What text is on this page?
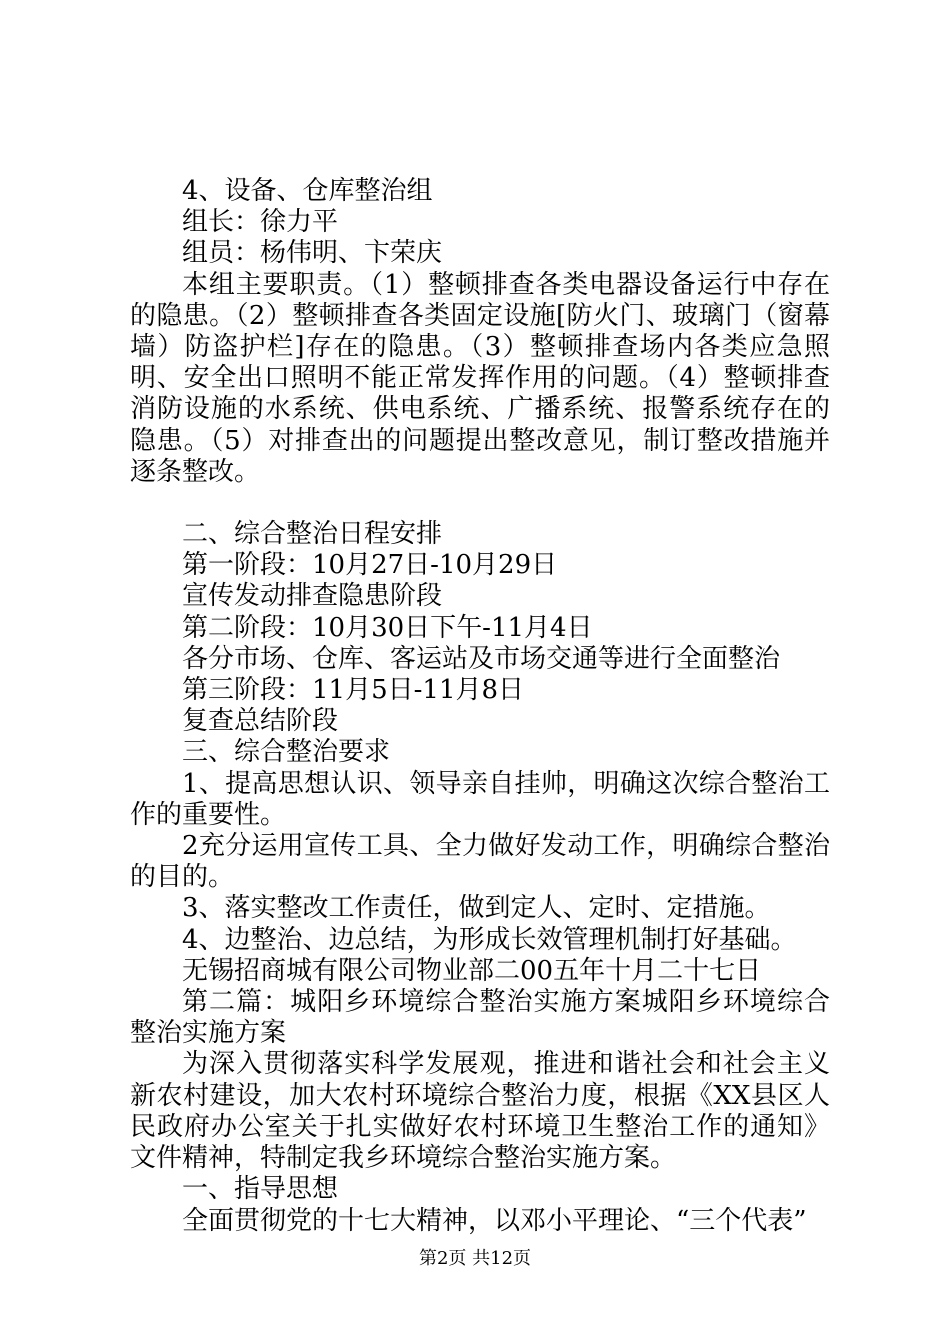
4、设备、仓库整治组

组长：徐力平

组员：杨伟明、卞荣庆

本组主要职责。（1）整顿排查各类电器设备运行中存在的隐患。（2）整顿排查各类固定设施[防火门、玻璃门（窗幕墙）防盗护栏]存在的隐患。（3）整顿排查场内各类应急照明、安全出口照明不能正常发挥作用的问题。（4）整顿排查消防设施的水系统、供电系统、广播系统、报警系统存在的隐患。（5）对排查出的问题提出整改意见，制订整改措施并逐条整改。

二、综合整治日程安排

第一阶段：10月27日-10月29日

宣传发动排查隐患阶段

第二阶段：10月30日下午-11月4日

各分市场、仓库、客运站及市场交通等进行全面整治

第三阶段：11月5日-11月8日

复查总结阶段

三、综合整治要求

1、提高思想认识、领导亲自挂帅，明确这次综合整治工作的重要性。

2充分运用宣传工具、全力做好发动工作，明确综合整治的目的。

3、落实整改工作责任，做到定人、定时、定措施。

4、边整治、边总结，为形成长效管理机制打好基础。

无锡招商城有限公司物业部二00五年十月二十七日

第二篇：城阳乡环境综合整治实施方案城阳乡环境综合整治实施方案

为深入贯彻落实科学发展观，推进和谐社会和社会主义新农村建设，加大农村环境综合整治力度，根据《XX县区人民政府办公室关于扎实做好农村环境卫生整治工作的通知》文件精神，特制定我乡环境综合整治实施方案。

一、指导思想

全面贯彻党的十七大精神，以邓小平理论、“三个代表”

第2页 共12页
